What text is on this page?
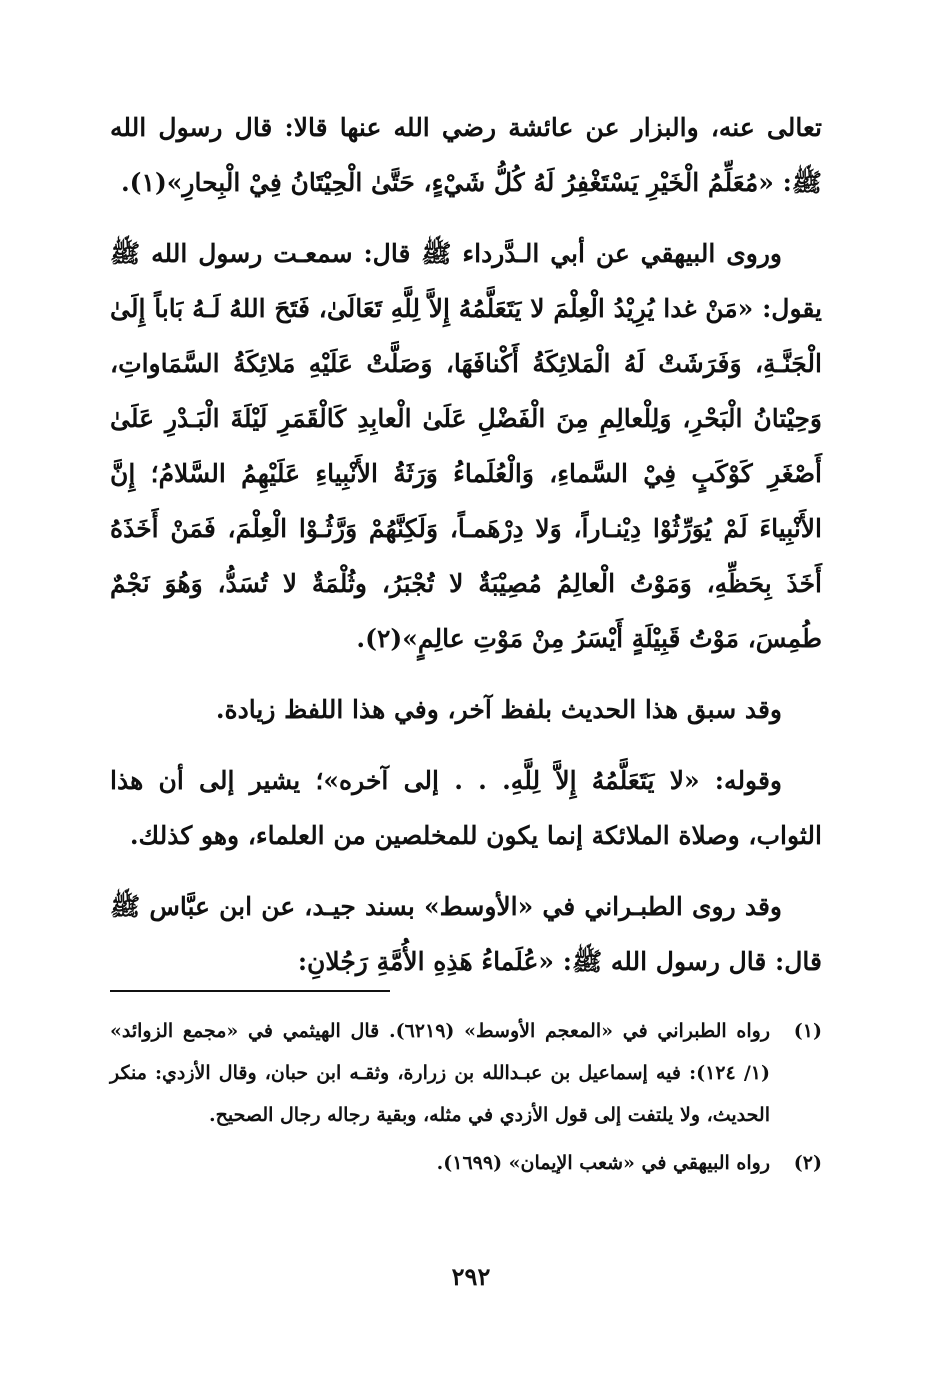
تعالى عنه، والبزار عن عائشة رضي الله عنها قالا: قال رسول الله ﷺ: «مُعَلِّمُ الْخَيْرِ يَسْتَغْفِرُ لَهُ كُلُّ شَيْءٍ، حَتَّىٰ الْحِيْتَانُ فِيْ الْبِحارِ»(١).

وروى البيهقي عن أبي الـدَّرداء ﷺ قال: سمعـت رسول الله ﷺ يقول: «مَنْ غدا يُرِيْدُ الْعِلْمَ لا يَتَعَلَّمُهُ إِلاَّ لِلَّهِ تَعَالَىٰ، فَتَحَ اللهُ لَـهُ بَاباً إِلَىٰ الْجَنَّـةِ، وَفَرَشَتْ لَهُ الْمَلائِكَةُ أَكْنافَهَا، وَصَلَّتْ عَلَيْهِ مَلائِكَةُ السَّمَاواتِ، وَحِيْتانُ الْبَحْرِ، وَلِلْعالِمِ مِنَ الْفَضْلِ عَلَىٰ الْعابِدِ كَالْقَمَرِ لَيْلَةَ الْبَـدْرِ عَلَىٰ أَصْغَرِ كَوْكَبٍ فِيْ السَّماءِ، وَالْعُلَماءُ وَرَثَةُ الأَنْبِياءِ عَلَيْهِمُ السَّلامُ؛ إِنَّ الأَنْبِياءَ لَمْ يُوَرِّثُوْا دِيْنـاراً، وَلا دِرْهَمـاً، وَلَكِنَّهُمْ وَرَّثُـوْا الْعِلْمَ، فَمَنْ أَخَذَهُ أَخَذَ بِحَظِّهِ، وَمَوْتُ الْعالِمُ مُصِيْبَةٌ لا تُجْبَرُ، وثُلْمَةٌ لا تُسَدُّ، وَهُوَ نَجْمٌ طُمِسَ، مَوْتُ قَبِيْلَةٍ أَيْسَرُ مِنْ مَوْتِ عالِمٍ»(٢).

وقد سبق هذا الحديث بلفظ آخر، وفي هذا اللفظ زيادة.

وقوله: «لا يَتَعَلَّمُهُ إِلاَّ لِلَّهِ. . . إلى آخره»؛ يشير إلى أن هذا الثواب، وصلاة الملائكة إنما يكون للمخلصين من العلماء، وهو كذلك.

وقد روى الطبـراني في «الأوسط» بسند جيـد، عن ابن عبَّاس ﷺ قال: قال رسول الله ﷺ: «عُلَماءُ هَذِهِ الأُمَّةِ رَجُلانِ:

(١)
رواه الطبراني في «المعجم الأوسط» (٦٢١٩). قال الهيثمي في «مجمع الزوائد» (١/ ١٢٤): فيه إسماعيل بن عبـدالله بن زرارة، وثقـه ابن حبان، وقال الأزدي: منكر الحديث، ولا يلتفت إلى قول الأزدي في مثله، وبقية رجاله رجال الصحيح.
(٢)
رواه البيهقي في «شعب الإيمان» (١٦٩٩).
٢٩٢
